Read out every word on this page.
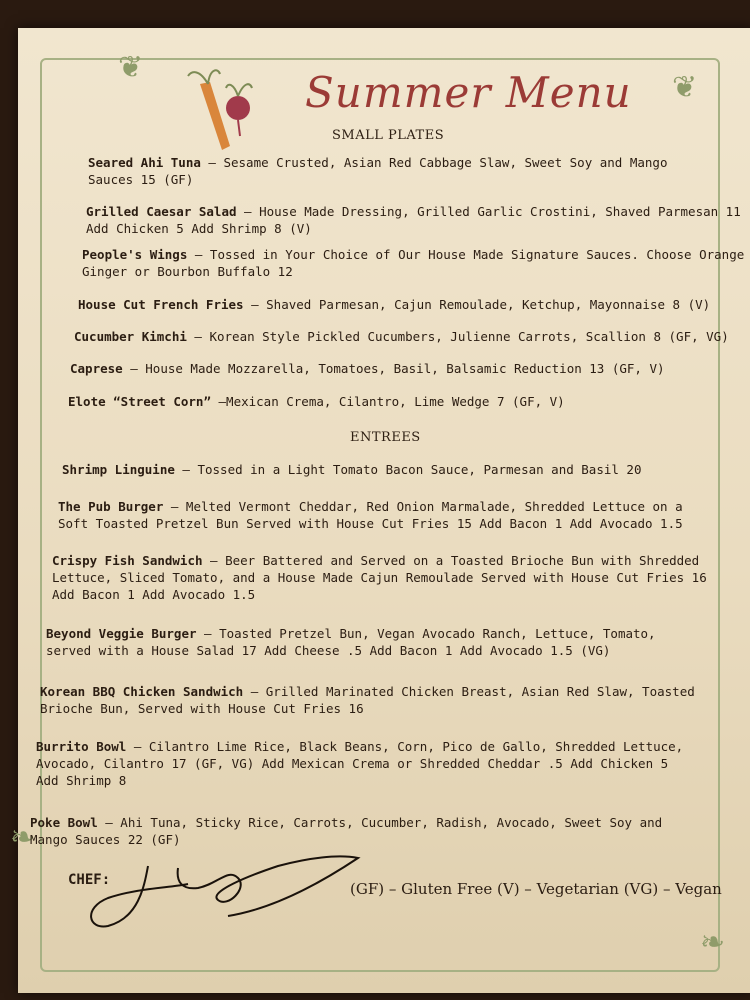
❦
❦
❧
❧
Summer Menu
SMALL PLATES
Seared Ahi Tuna – Sesame Crusted, Asian Red Cabbage Slaw, Sweet Soy and Mango
Sauces 15 (GF)
Grilled Caesar Salad – House Made Dressing, Grilled Garlic Crostini, Shaved Parmesan 11
Add Chicken 5 Add Shrimp 8 (V)
People's Wings – Tossed in Your Choice of Our House Made Signature Sauces. Choose Orange
Ginger or Bourbon Buffalo 12
House Cut French Fries – Shaved Parmesan, Cajun Remoulade, Ketchup, Mayonnaise 8 (V)
Cucumber Kimchi – Korean Style Pickled Cucumbers, Julienne Carrots, Scallion 8 (GF, VG)
Caprese – House Made Mozzarella, Tomatoes, Basil, Balsamic Reduction 13 (GF, V)
Elote “Street Corn” –Mexican Crema, Cilantro, Lime Wedge 7 (GF, V)
ENTREES
Shrimp Linguine – Tossed in a Light Tomato Bacon Sauce, Parmesan and Basil 20
The Pub Burger – Melted Vermont Cheddar, Red Onion Marmalade, Shredded Lettuce on a
Soft Toasted Pretzel Bun Served with House Cut Fries 15 Add Bacon 1 Add Avocado 1.5
Crispy Fish Sandwich – Beer Battered and Served on a Toasted Brioche Bun with Shredded
Lettuce, Sliced Tomato, and a House Made Cajun Remoulade Served with House Cut Fries 16
Add Bacon 1 Add Avocado 1.5
Beyond Veggie Burger – Toasted Pretzel Bun, Vegan Avocado Ranch, Lettuce, Tomato,
served with a House Salad 17 Add Cheese .5 Add Bacon 1 Add Avocado 1.5 (VG)
Korean BBQ Chicken Sandwich – Grilled Marinated Chicken Breast, Asian Red Slaw, Toasted
Brioche Bun, Served with House Cut Fries 16
Burrito Bowl – Cilantro Lime Rice, Black Beans, Corn, Pico de Gallo, Shredded Lettuce,
Avocado, Cilantro 17 (GF, VG) Add Mexican Crema or Shredded Cheddar .5 Add Chicken 5
Add Shrimp 8
Poke Bowl – Ahi Tuna, Sticky Rice, Carrots, Cucumber, Radish, Avocado, Sweet Soy and
Mango Sauces 22 (GF)
CHEF:	(GF) – Gluten Free (V) – Vegetarian (VG) – Vegan
